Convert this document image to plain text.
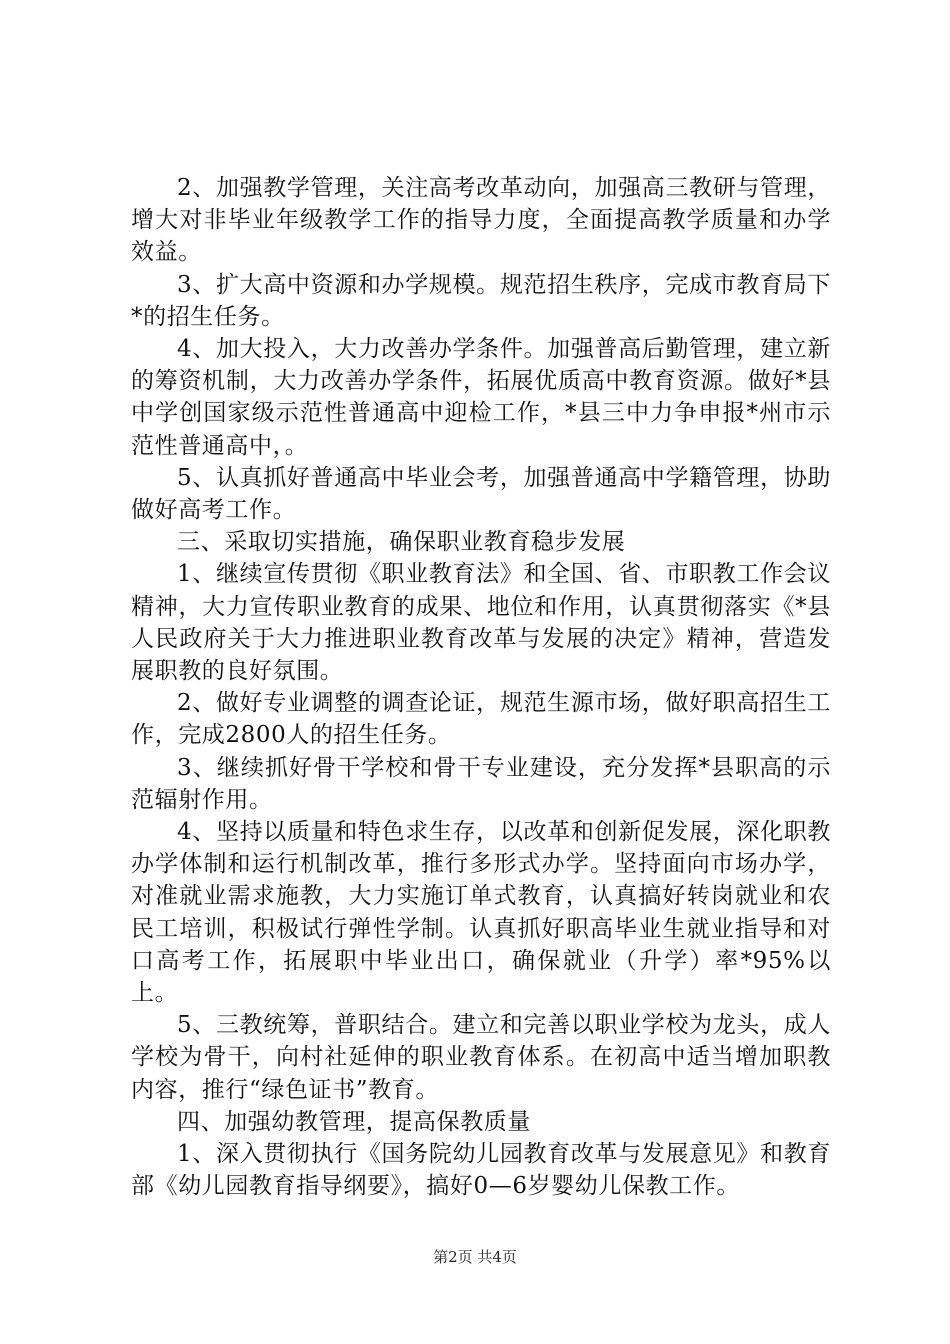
2、加强教学管理，关注高考改革动向，加强高三教研与管理，增大对非毕业年级教学工作的指导力度，全面提高教学质量和办学效益。

3、扩大高中资源和办学规模。规范招生秩序，完成市教育局下*的招生任务。

4、加大投入，大力改善办学条件。加强普高后勤管理，建立新的筹资机制，大力改善办学条件，拓展优质高中教育资源。做好*县中学创国家级示范性普通高中迎检工作，*县三中力争申报*州市示范性普通高中，。

5、认真抓好普通高中毕业会考，加强普通高中学籍管理，协助做好高考工作。

三、采取切实措施，确保职业教育稳步发展

1、继续宣传贯彻《职业教育法》和全国、省、市职教工作会议精神，大力宣传职业教育的成果、地位和作用，认真贯彻落实《*县人民政府关于大力推进职业教育改革与发展的决定》精神，营造发展职教的良好氛围。

2、做好专业调整的调查论证，规范生源市场，做好职高招生工作，完成2800人的招生任务。

3、继续抓好骨干学校和骨干专业建设，充分发挥*县职高的示范辐射作用。

4、坚持以质量和特色求生存，以改革和创新促发展，深化职教办学体制和运行机制改革，推行多形式办学。坚持面向市场办学，对准就业需求施教，大力实施订单式教育，认真搞好转岗就业和农民工培训，积极试行弹性学制。认真抓好职高毕业生就业指导和对口高考工作，拓展职中毕业出口，确保就业（升学）率*95%以上。

5、三教统筹，普职结合。建立和完善以职业学校为龙头，成人学校为骨干，向村社延伸的职业教育体系。在初高中适当增加职教内容，推行“绿色证书”教育。

四、加强幼教管理，提高保教质量

1、深入贯彻执行《国务院幼儿园教育改革与发展意见》和教育部《幼儿园教育指导纲要》，搞好0—6岁婴幼儿保教工作。

第2页 共4页
